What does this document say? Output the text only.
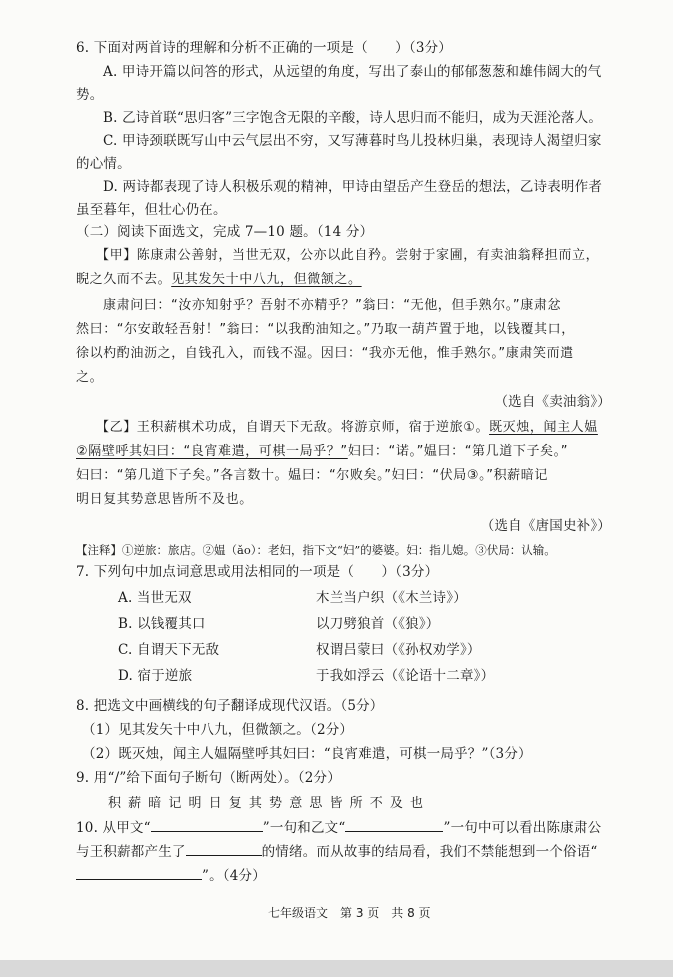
6. 下面对两首诗的理解和分析不正确的一项是（　　）（3分）
A. 甲诗开篇以问答的形式，从远望的角度，写出了泰山的郁郁葱葱和雄伟阔大的气
势。
B. 乙诗首联“思归客”三字饱含无限的辛酸，诗人思归而不能归，成为天涯沦落人。
C. 甲诗颈联既写山中云气层出不穷，又写薄暮时鸟儿投林归巢，表现诗人渴望归家
的心情。
D. 两诗都表现了诗人积极乐观的精神，甲诗由望岳产生登岳的想法，乙诗表明作者
虽至暮年，但壮心仍在。
（二）阅读下面选文，完成 7—10 题。（14 分）
【甲】陈康肃公善射，当世无双，公亦以此自矜。尝射于家圃，有卖油翁释担而立，
睨之久而不去。见其发矢十中八九，但微颔之。
康肃问曰：“汝亦知射乎？吾射不亦精乎？”翁曰：“无他，但手熟尔。”康肃忿
然曰：“尔安敢轻吾射！”翁曰：“以我酌油知之。”乃取一葫芦置于地，以钱覆其口，
徐以杓酌油沥之，自钱孔入，而钱不湿。因曰：“我亦无他，惟手熟尔。”康肃笑而遣
之。
（选自《卖油翁》）
【乙】王积薪棋术功成，自谓天下无敌。将游京师，宿于逆旅①。既灭烛，闻主人媪
②隔壁呼其妇曰：“良宵难遣，可棋一局乎？”妇曰：“诺。”媪曰：“第几道下子矣。”
妇曰：“第几道下子矣。”各言数十。媪曰：“尔败矣。”妇曰：“伏局③。”积薪暗记
明日复其势意思皆所不及也。
（选自《唐国史补》）
【注释】①逆旅：旅店。②媪（ǎo）：老妇，指下文“妇”的婆婆。妇：指儿媳。③伏局：认输。
7. 下列句中加点词意思或用法相同的一项是（　　）（3分）
A. 当世无双	木兰当户织（《木兰诗》）
B. 以钱覆其口	以刀劈狼首（《狼》）
C. 自谓天下无敌	权谓吕蒙曰（《孙权劝学》）
D. 宿于逆旅	于我如浮云（《论语十二章》）
8. 把选文中画横线的句子翻译成现代汉语。（5分）
（1）见其发矢十中八九，但微颔之。（2分）
（2）既灭烛，闻主人媪隔壁呼其妇曰：“良宵难遣，可棋一局乎？”（3分）
9. 用“/”给下面句子断句（断两处）。（2分）
积 薪 暗 记 明 日 复 其 势 意 思 皆 所 不 及 也
10. 从甲文“	”一句和乙文“	”一句中可以看出陈康肃公
与王积薪都产生了	的情绪。而从故事的结局看，我们不禁能想到一个俗语“
”。（4分）
七年级语文　第 3 页　共 8 页
